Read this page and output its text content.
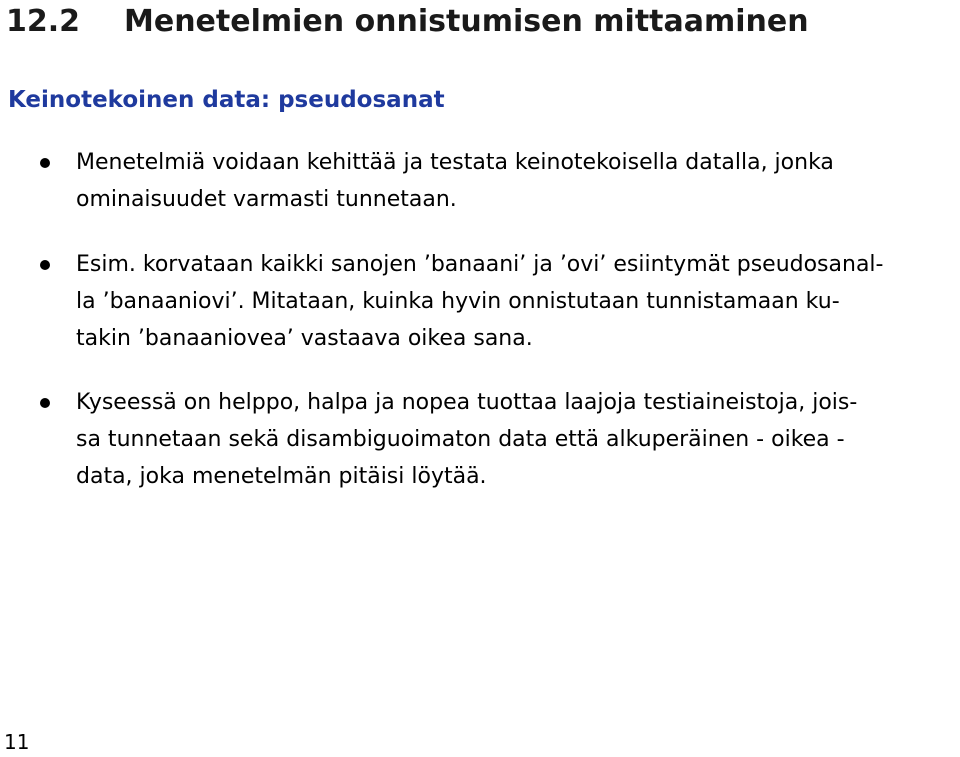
12.2 Menetelmien onnistumisen mittaaminen
Keinotekoinen data: pseudosanat

Menetelmiä voidaan kehittää ja testata keinotekoisella datalla, jonka
ominaisuudet varmasti tunnetaan.

Esim. korvataan kaikki sanojen ’banaani’ ja ’ovi’ esiintymät pseudosanal-
la ’banaaniovi’. Mitataan, kuinka hyvin onnistutaan tunnistamaan ku-
takin ’banaaniovea’ vastaava oikea sana.

Kyseessä on helppo, halpa ja nopea tuottaa laajoja testiaineistoja, jois-
sa tunnetaan sekä disambiguoimaton data että alkuperäinen - oikea -
data, joka menetelmän pitäisi löytää.

11
